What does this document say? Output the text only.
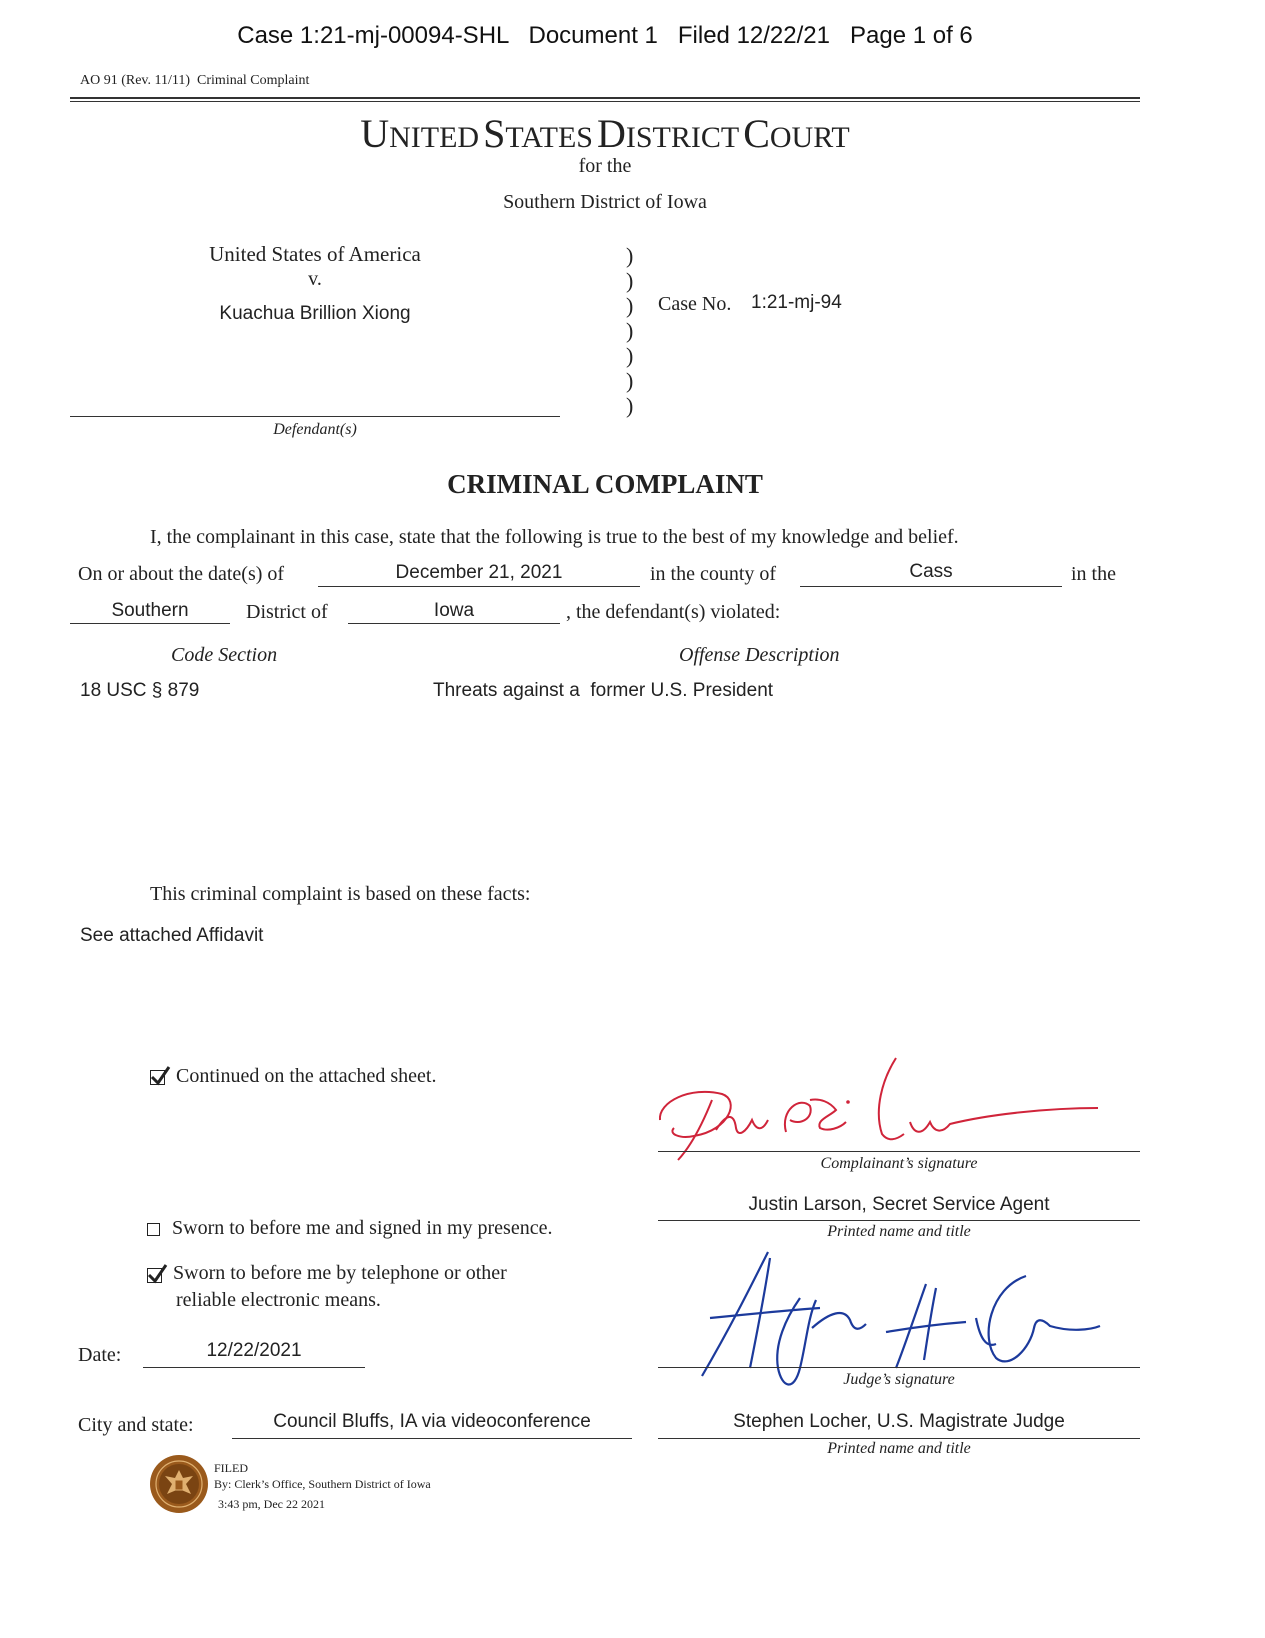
Case 1:21-mj-00094-SHL   Document 1   Filed 12/22/21   Page 1 of 6
AO 91 (Rev. 11/11)  Criminal Complaint
UNITED STATES DISTRICT COURT
for the
Southern District of Iowa
United States of America
v.
Kuachua Brillion Xiong
Defendant(s)
)
)
)
)
)
)
)
Case No. 1:21-mj-94
CRIMINAL COMPLAINT
I, the complainant in this case, state that the following is true to the best of my knowledge and belief.
On or about the date(s) of	December 21, 2021	in the county of	Cass	in the
Southern	District of	Iowa	, the defendant(s) violated:
Code Section	Offense Description
18 USC § 879	Threats against a  former U.S. President
This criminal complaint is based on these facts:
See attached Affidavit
Continued on the attached sheet.
Sworn to before me and signed in my presence.
Sworn to before me by telephone or other
reliable electronic means.
Complainant’s signature
Justin Larson, Secret Service Agent
Printed name and title
Judge’s signature
Stephen Locher, U.S. Magistrate Judge
Printed name and title
Date:	12/22/2021
City and state:	Council Bluffs, IA via videoconference
FILED
By: Clerk’s Office, Southern District of Iowa
3:43 pm, Dec 22 2021
